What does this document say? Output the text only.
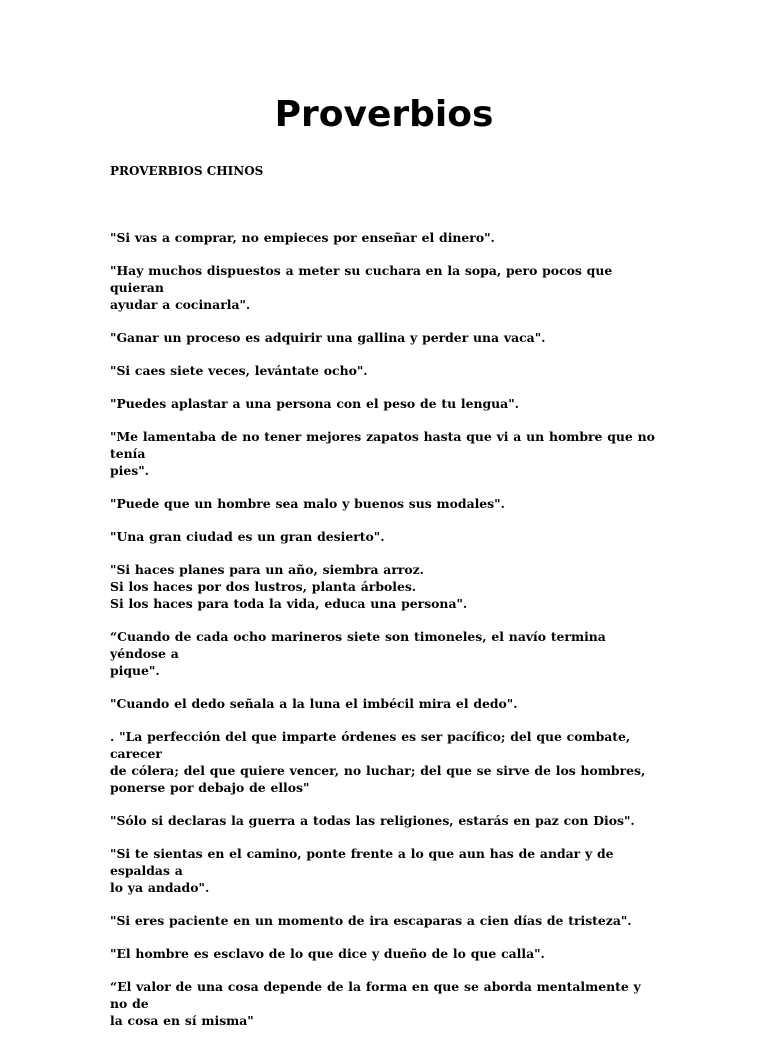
Proverbios

PROVERBIOS CHINOS

"Si vas a comprar, no empieces por enseñar el dinero".

"Hay muchos dispuestos a meter su cuchara en la sopa, pero pocos que quieran
ayudar a cocinarla".

"Ganar un proceso es adquirir una gallina y perder una vaca".

"Si caes siete veces, levántate ocho".

"Puedes aplastar a una persona con el peso de tu lengua".

"Me lamentaba de no tener mejores zapatos hasta que vi a un hombre que no tenía
pies".

"Puede que un hombre sea malo y buenos sus modales".

"Una gran ciudad es un gran desierto".

"Si haces planes para un año, siembra arroz.
Si los haces por dos lustros, planta árboles.
Si los haces para toda la vida, educa una persona".

“Cuando de cada ocho marineros siete son timoneles, el navío termina yéndose a
pique".

"Cuando el dedo señala a la luna el imbécil mira el dedo".

. "La perfección del que imparte órdenes es ser pacífico; del que combate, carecer
de cólera; del que quiere vencer, no luchar; del que se sirve de los hombres,
ponerse por debajo de ellos"

"Sólo si declaras la guerra a todas las religiones, estarás en paz con Dios".

"Si te sientas en el camino, ponte frente a lo que aun has de andar y de espaldas a
lo ya andado".

"Si eres paciente en un momento de ira escaparas a cien días de tristeza".

"El hombre es esclavo de lo que dice y dueño de lo que calla".

“El valor de una cosa depende de la forma en que se aborda mentalmente y no de
la cosa en sí misma"
